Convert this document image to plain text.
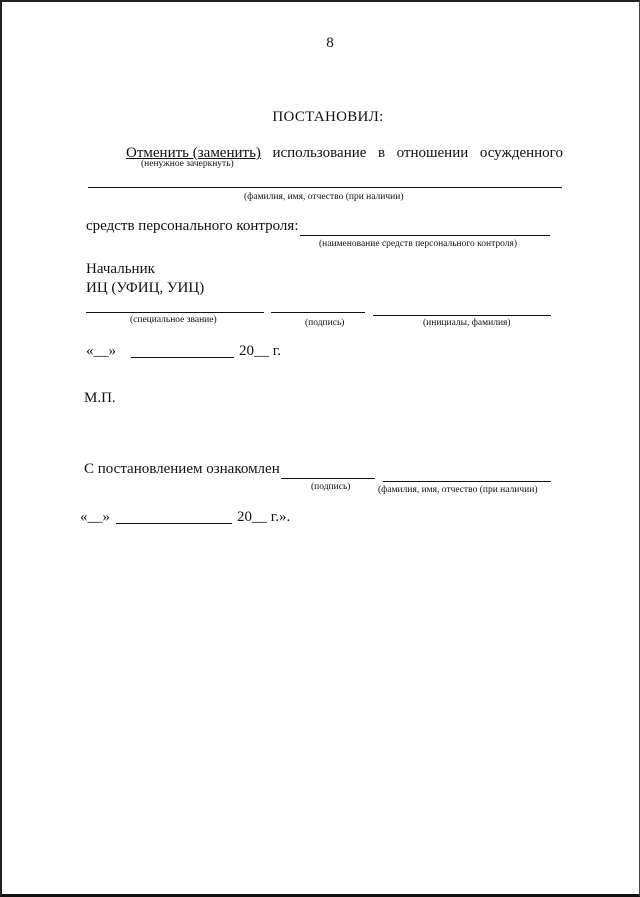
8
ПОСТАНОВИЛ:
Отменить (заменить) использование в отношении осужденного
(ненужное зачеркнуть)
(фамилия, имя, отчество (при наличии)
средств персонального контроля:
(наименование средств персонального контроля)
Начальник
ИЦ (УФИЦ, УИЦ)
(специальное звание)	(подпись)	(инициалы, фамилия)
«__»	20__ г.
М.П.
С постановлением ознакомлен
(подпись)	(фамилия, имя, отчество (при наличии)
«__»	20__ г.».
